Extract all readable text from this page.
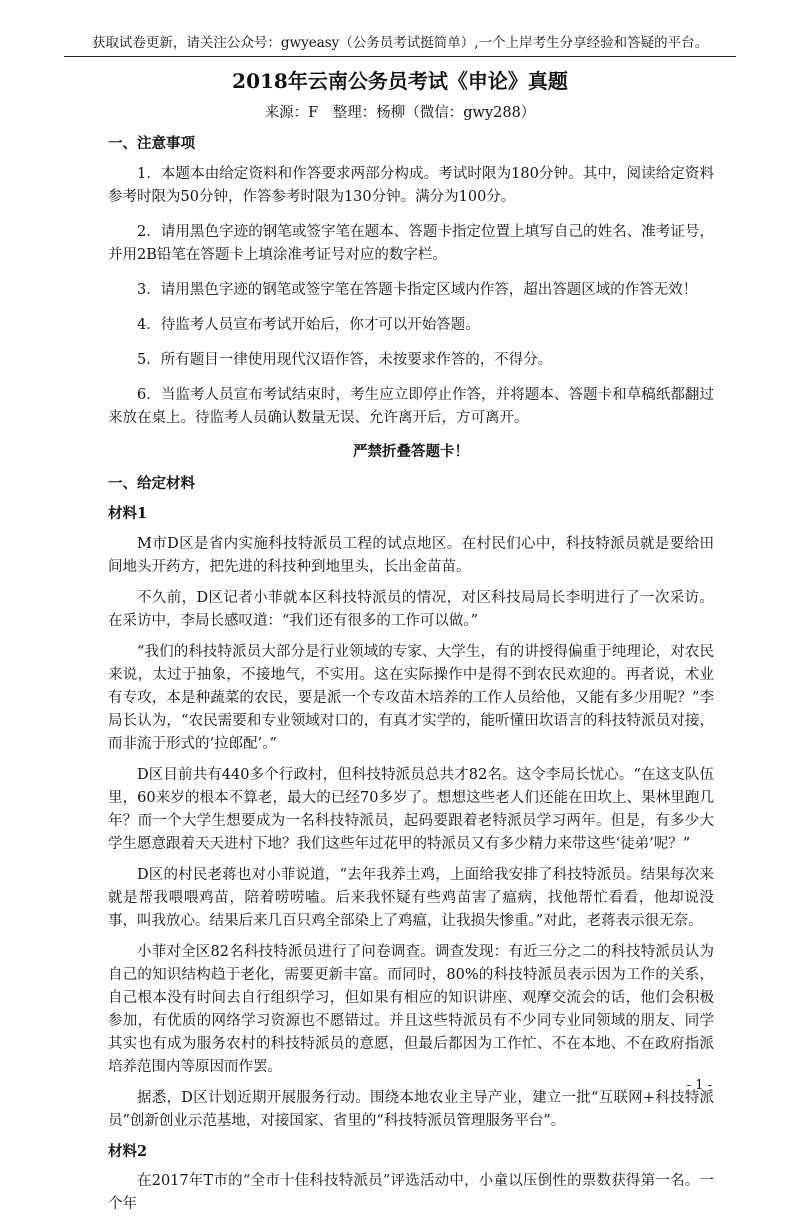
获取试卷更新，请关注公众号：gwyeasy（公务员考试挺简单）,一个上岸考生分享经验和答疑的平台。
2018年云南公务员考试《申论》真题
来源：F　整理：杨柳（微信：gwy288）

一、注意事项

1．本题本由给定资料和作答要求两部分构成。考试时限为180分钟。其中，阅读给定资料参考时限为50分钟，作答参考时限为130分钟。满分为100分。

2．请用黑色字迹的钢笔或签字笔在题本、答题卡指定位置上填写自己的姓名、准考证号，并用2B铅笔在答题卡上填涂准考证号对应的数字栏。

3．请用黑色字迹的钢笔或签字笔在答题卡指定区域内作答，超出答题区域的作答无效！

4．待监考人员宣布考试开始后，你才可以开始答题。

5．所有题目一律使用现代汉语作答，未按要求作答的，不得分。

6．当监考人员宣布考试结束时，考生应立即停止作答，并将题本、答题卡和草稿纸都翻过来放在桌上。待监考人员确认数量无误、允许离开后，方可离开。

严禁折叠答题卡！

一、给定材料

材料1

M市D区是省内实施科技特派员工程的试点地区。在村民们心中，科技特派员就是要给田间地头开药方，把先进的科技种到地里头，长出金苗苗。

不久前，D区记者小菲就本区科技特派员的情况，对区科技局局长李明进行了一次采访。在采访中，李局长感叹道：“我们还有很多的工作可以做。”

“我们的科技特派员大部分是行业领域的专家、大学生，有的讲授得偏重于纯理论，对农民来说，太过于抽象，不接地气，不实用。这在实际操作中是得不到农民欢迎的。再者说，术业有专攻，本是种蔬菜的农民，要是派一个专攻苗木培养的工作人员给他，又能有多少用呢？”李局长认为，“农民需要和专业领域对口的，有真才实学的，能听懂田坎语言的科技特派员对接，而非流于形式的‘拉郎配’。”

D区目前共有440多个行政村，但科技特派员总共才82名。这令李局长忧心。“在这支队伍里，60来岁的根本不算老，最大的已经70多岁了。想想这些老人们还能在田坎上、果林里跑几年？而一个大学生想要成为一名科技特派员，起码要跟着老特派员学习两年。但是，有多少大学生愿意跟着天天进村下地？我们这些年过花甲的特派员又有多少精力来带这些‘徒弟’呢？”

D区的村民老蒋也对小菲说道，“去年我养土鸡，上面给我安排了科技特派员。结果每次来就是帮我喂喂鸡苗，陪着唠唠嗑。后来我怀疑有些鸡苗害了瘟病，找他帮忙看看，他却说没事，叫我放心。结果后来几百只鸡全部染上了鸡瘟，让我损失惨重。”对此，老蒋表示很无奈。

小菲对全区82名科技特派员进行了问卷调查。调查发现：有近三分之二的科技特派员认为自己的知识结构趋于老化，需要更新丰富。而同时，80%的科技特派员表示因为工作的关系，自己根本没有时间去自行组织学习，但如果有相应的知识讲座、观摩交流会的话，他们会积极参加，有优质的网络学习资源也不愿错过。并且这些特派员有不少同专业同领域的朋友、同学其实也有成为服务农村的科技特派员的意愿，但最后都因为工作忙、不在本地、不在政府指派培养范围内等原因而作罢。

据悉，D区计划近期开展服务行动。围绕本地农业主导产业，建立一批“互联网+科技特派员”创新创业示范基地，对接国家、省里的“科技特派员管理服务平台”。

材料2

在2017年T市的“全市十佳科技特派员”评选活动中，小童以压倒性的票数获得第一名。一个年

- 1 -
